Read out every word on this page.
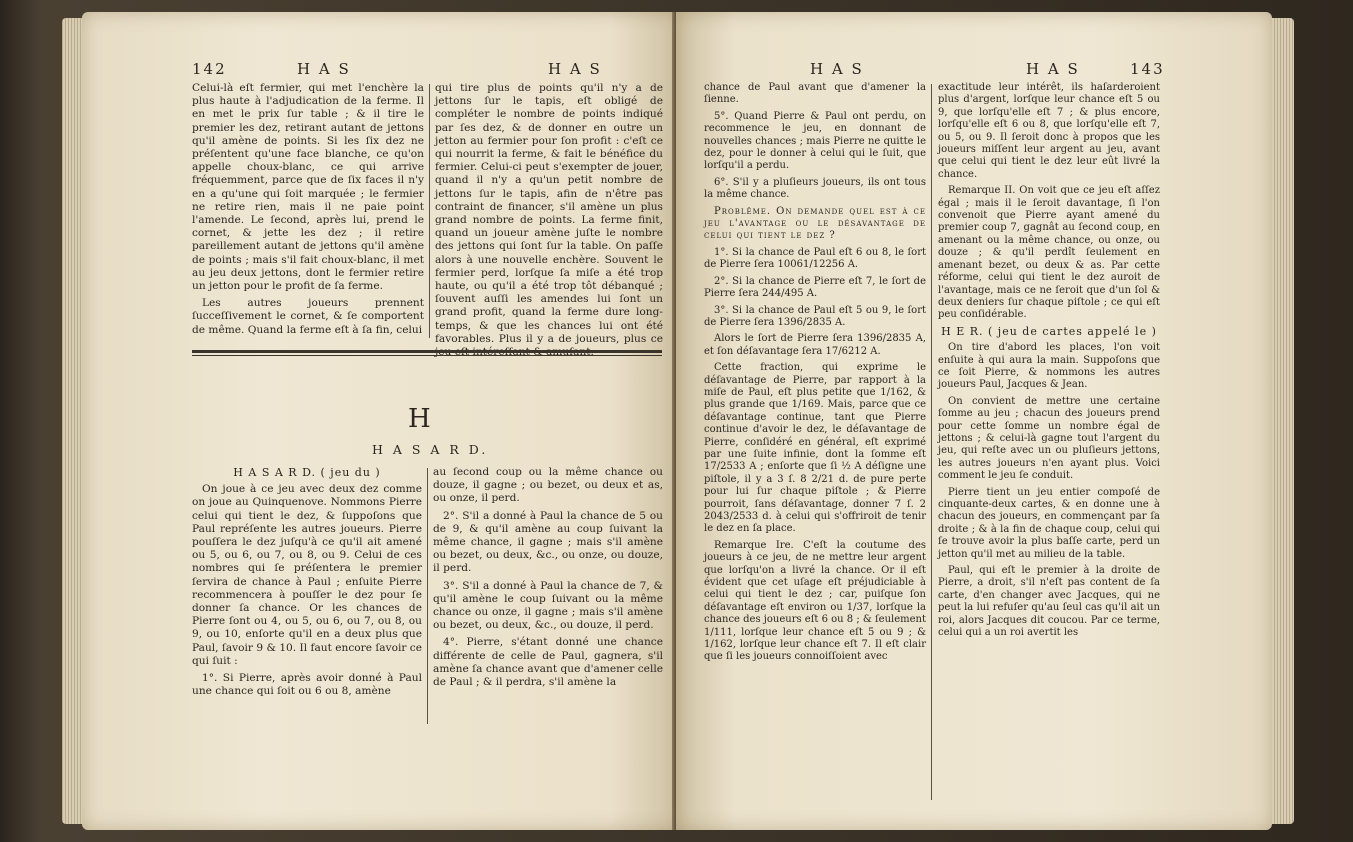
142	H A S	H A S

Celui-là eſt fermier, qui met l'enchère la plus haute à l'adjudication de la ferme. Il en met le prix ſur table ; & il tire le premier les dez, retirant autant de jettons qu'il amène de points. Si les ſix dez ne préſentent qu'une face blanche, ce qu'on appelle choux-blanc, ce qui arrive fréquemment, parce que de ſix faces il n'y en a qu'une qui ſoit marquée ; le fermier ne retire rien, mais il ne paie point l'amende. Le ſecond, après lui, prend le cornet, & jette les dez ; il retire pareillement autant de jettons qu'il amène de points ; mais s'il fait choux-blanc, il met au jeu deux jettons, dont le fermier retire un jetton pour le profit de ſa ferme.

Les autres joueurs prennent ſucceſſivement le cornet, & ſe comportent de même. Quand la ferme eſt à ſa fin, celui

qui tire plus de points qu'il n'y a de jettons ſur le tapis, eſt obligé de compléter le nombre de points indiqué par ſes dez, & de donner en outre un jetton au fermier pour ſon profit : c'eſt ce qui nourrit la ferme, & fait le bénéfice du fermier. Celui-ci peut s'exempter de jouer, quand il n'y a qu'un petit nombre de jettons ſur le tapis, afin de n'être pas contraint de financer, s'il amène un plus grand nombre de points. La ferme finit, quand un joueur amène juſte le nombre des jettons qui ſont ſur la table. On paſſe alors à une nouvelle enchère. Souvent le fermier perd, lorſque ſa miſe a été trop haute, ou qu'il a été trop tôt débanqué ; ſouvent auſſi les amendes lui ſont un grand profit, quand la ferme dure long-temps, & que les chances lui ont été favorables. Plus il y a de joueurs, plus ce

H
H A S A R D.

H A S A R D. ( jeu du )

On joue à ce jeu avec deux dez comme on joue au Quinquenove. Nommons Pierre celui qui tient le dez, & ſuppoſons que Paul repréſente les autres joueurs. Pierre pouſſera le dez juſqu'à ce qu'il ait amené ou 5, ou 6, ou 7, ou 8, ou 9. Celui de ces nombres qui ſe préſentera le premier ſervira de chance à Paul ; enſuite Pierre recommencera à pouſſer le dez pour ſe donner ſa chance. Or les chances de Pierre ſont ou 4, ou 5, ou 6, ou 7, ou 8, ou 9, ou 10, enſorte qu'il en a deux plus que Paul, ſavoir 9 & 10. Il faut encore ſavoir ce qui ſuit :

1°. Si Pierre, après avoir donné à Paul une chance qui ſoit ou 6 ou 8, amène

au ſecond coup ou la même chance ou douze, il gagne ; ou bezet, ou deux et as, ou onze, il perd.

2°. S'il a donné à Paul la chance de 5 ou de 9, & qu'il amène au coup ſuivant la même chance, il gagne ; mais s'il amène ou bezet, ou deux, &c., ou onze, ou douze, il perd.

3°. S'il a donné à Paul la chance de 7, & qu'il amène le coup ſuivant ou la même chance ou onze, il gagne ; mais s'il amène ou bezet, ou deux, &c., ou douze, il perd.

4°. Pierre, s'étant donné une chance différente de celle de Paul, gagnera, s'il amène ſa chance avant que d'amener celle de Paul ; & il perdra, s'il amène la

H A S	H A S	143

chance de Paul avant que d'amener la ſienne.

5°. Quand Pierre & Paul ont perdu, on recommence le jeu, en donnant de nouvelles chances ; mais Pierre ne quitte le dez, pour le donner à celui qui le ſuit, que lorſqu'il a perdu.

6°. S'il y a pluſieurs joueurs, ils ont tous la même chance.

Problême. On demande quel eſt à ce jeu l'avantage ou le déſavantage de celui qui tient le dez ?

1°. Si la chance de Paul eſt 6 ou 8, le ſort de Pierre ſera 10061/12256 A.

2°. Si la chance de Pierre eſt 7, le ſort de Pierre ſera 244/495 A.

3°. Si la chance de Paul eſt 5 ou 9, le ſort de Pierre ſera 1396/2835 A.

Alors le ſort de Pierre ſera 1396/2835 A, et ſon déſavantage ſera 17/6212 A.

Cette fraction, qui exprime le déſavantage de Pierre, par rapport à la miſe de Paul, eſt plus petite que 1/162, & plus grande que 1/169. Mais, parce que ce déſavantage continue, tant que Pierre continue d'avoir le dez, le déſavantage de Pierre, conſidéré en général, eſt exprimé par une ſuite infinie, dont la ſomme eſt 17/2533 A ; enſorte que ſi ½ A déſigne une piſtole, il y a 3 ſ. 8 2/21 d. de pure perte pour lui ſur chaque piſtole ; & Pierre pourroit, ſans déſavantage, donner 7 ſ. 2 2043/2533 d. à celui qui s'offriroit de tenir le dez en ſa place.

Remarque Ire. C'eſt la coutume des joueurs à ce jeu, de ne mettre leur argent que lorſqu'on a livré la chance. Or il eſt évident que cet uſage eſt préjudiciable à celui qui tient le dez ; car, puiſque ſon déſavantage eſt environ ou 1/37, lorſque la chance des joueurs eſt 6 ou 8 ; & ſeulement 1/111, lorſque leur chance eſt 5 ou 9 ; & 1/162, lorſque leur chance eſt 7. Il eſt clair que ſi les joueurs connoiſſoient avec

exactitude leur intérêt, ils haſarderoient plus d'argent, lorſque leur chance eſt 5 ou 9, que lorſqu'elle eſt 7 ; & plus encore, lorſqu'elle eſt 6 ou 8, que lorſqu'elle eſt 7, ou 5, ou 9. Il ſeroit donc à propos que les joueurs miſſent leur argent au jeu, avant que celui qui tient le dez leur eût livré la chance.

Remarque II. On voit que ce jeu eſt aſſez égal ; mais il le ſeroit davantage, ſi l'on convenoit que Pierre ayant amené du premier coup 7, gagnât au ſecond coup, en amenant ou la même chance, ou onze, ou douze ; & qu'il perdît ſeulement en amenant bezet, ou deux & as. Par cette réforme, celui qui tient le dez auroit de l'avantage, mais ce ne ſeroit que d'un ſol & deux deniers ſur chaque piſtole ; ce qui eſt peu conſidérable.

H E R. ( jeu de cartes appelé le )

On tire d'abord les places, l'on voit enſuite à qui aura la main. Suppoſons que ce ſoit Pierre, & nommons les autres joueurs Paul, Jacques & Jean.

On convient de mettre une certaine ſomme au jeu ; chacun des joueurs prend pour cette ſomme un nombre égal de jettons ; & celui-là gagne tout l'argent du jeu, qui reſte avec un ou pluſieurs jettons, les autres joueurs n'en ayant plus. Voici comment le jeu ſe conduit.

Pierre tient un jeu entier compoſé de cinquante-deux cartes, & en donne une à chacun des joueurs, en commençant par ſa droite ; & à la fin de chaque coup, celui qui ſe trouve avoir la plus baſſe carte, perd un jetton qu'il met au milieu de la table.

Paul, qui eſt le premier à la droite de Pierre, a droit, s'il n'eſt pas content de ſa carte, d'en changer avec Jacques, qui ne peut la lui refuſer qu'au ſeul cas qu'il ait un roi, alors Jacques dit coucou. Par ce terme, celui qui a un roi avertit les
